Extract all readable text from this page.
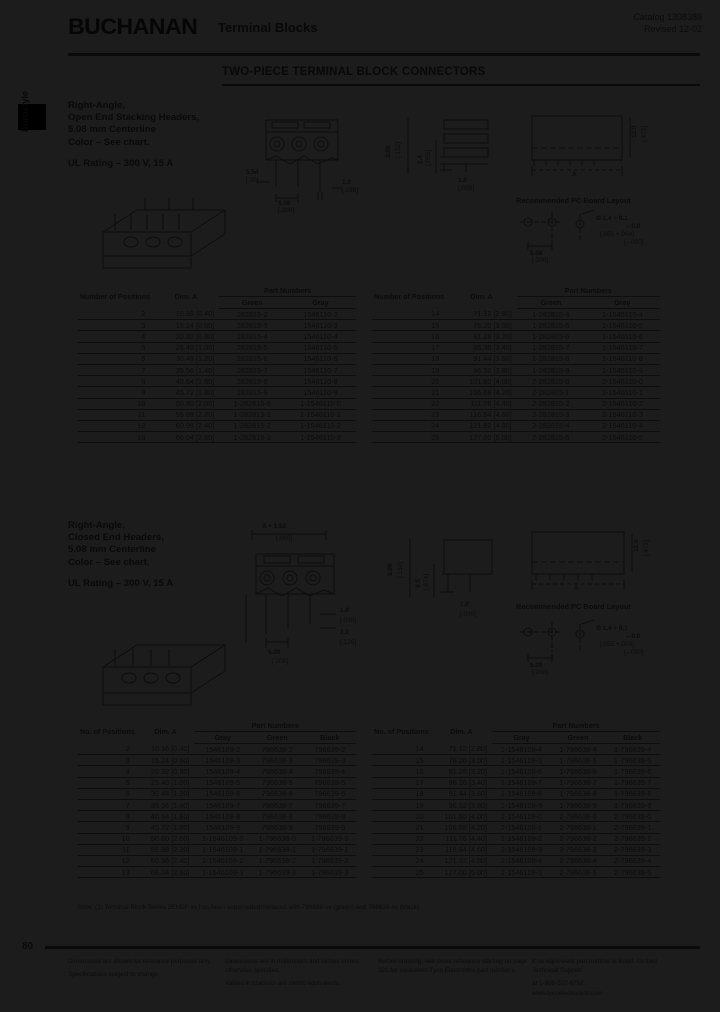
BUCHANAN Terminal Blocks
Catalog 1308389
Revised 12-02
TWO-PIECE TERMINAL BLOCK CONNECTORS
Eurostyle	Right-Angle,
Open End Stacking Headers,
5.08 mm Centerline
Color – See chart.
UL Rating – 300 V, 15 A
5.54
[.00]	1.0
[.039]
5.08
[.200]
3.85 [.152]
1.4 [.055]
1.0
[.039]
12.0 [.472]
A
Recommended PC Board Layout
Ø 1.4 + 0.1
– 0.0
[.055 +.004]
[–.000]
5.08
[.200]
Number of Positions	Dim. A	Part Numbers	
		Green	Gray
2	10.16 [0.40]	282815-2	1546110-2
3	15.24 [0.60]	282815-3	1546110-3
4	20.32 [0.80]	282815-4	1546110-4
5	25.40 [1.00]	282815-5	1546110-5
6	30.48 [1.20]	282815-6	1546110-6
7	35.56 [1.40]	282815-7	1546110-7
8	40.64 [1.60]	282815-8	1546110-8
9	45.72 [1.80]	282815-9	1546110-9
10	50.80 [2.00]	1-282815-0	1-1546110-0
11	55.88 [2.20]	1-282815-1	1-1546110-1
12	60.96 [2.40]	1-282815-2	1-1546110-2
13	66.04 [2.60]	1-282815-3	1-1546110-3
Number of Positions	Dim. A	Part Numbers	
		Green	Gray
14	71.12 [2.80]	1-282815-4	1-1546110-4
15	76.20 [3.00]	1-282815-5	1-1546110-5
16	81.28 [3.20]	1-282815-6	1-1546110-6
17	86.36 [3.40]	1-282815-7	1-1546110-7
18	91.44 [3.60]	1-282815-8	1-1546110-8
19	96.52 [3.80]	1-282815-9	1-1546110-9
20	101.60 [4.00]	2-282815-0	2-1546110-0
21	106.68 [4.20]	2-282815-1	2-1546110-1
22	111.76 [4.40]	2-282815-2	2-1546110-2
23	116.84 [4.60]	2-282815-3	2-1546110-3
24	121.92 [4.80]	2-282815-4	2-1546110-4
25	127.00 [5.00]	2-282815-5	2-1546110-5
Right-Angle,
Closed End Headers,
5.08 mm Centerline
Color – See chart.
UL Rating – 300 V, 15 A
A + 1.52
[.060]
1.0
[.039]
3.2
[.126]
5.08
[.200]
3.85 [.152]
9.5 [.374]
1.0
[.039]
12.0 [.472]
A
Recommended PC Board Layout
Ø 1.4 + 0.1
– 0.0
[.055 +.004]
[–.000]
5.08
[.200]
No. of Positions	Dim. A	Part Numbers		
		Gray	Green	Black
2	10.16 [0.40]	1546109-2	796638-2	796639-2
3	15.24 [0.60]	1546109-3	796638-3	796639-3
4	20.32 [0.80]	1546109-4	796638-4	796639-4
5	25.40 [1.00]	1546109-5	796638-5	796639-5
6	30.48 [1.20]	1546109-6	796638-6	796639-6
7	35.56 [1.40]	1546109-7	796638-7	796639-7
8	40.64 [1.60]	1546109-8	796638-8	796639-8
9	45.72 [1.80]	1546109-9	796638-9	796639-9
10	50.80 [2.00]	1-1546109-0	1-796638-0	1-796639-0
11	55.88 [2.20]	1-1546109-1	1-796638-1	1-796639-1
12	60.96 [2.40]	1-1546109-2	1-796638-2	1-796639-2
13	66.04 [2.60]	1-1546109-3	1-796638-3	1-796639-3
No. of Positions	Dim. A	Part Numbers		
		Gray	Green	Black
14	71.12 [2.80]	1-1546109-4	1-796638-4	1-796639-4
15	76.20 [3.00]	1-1546109-5	1-796638-5	1-796639-5
16	81.28 [3.20]	1-1546109-6	1-796638-6	1-796639-6
17	86.36 [3.40]	1-1546109-7	1-796638-7	1-796639-7
18	91.44 [3.60]	1-1546109-8	1-796638-8	1-796639-8
19	96.52 [3.80]	1-1546109-9	1-796638-9	1-796639-9
20	101.60 [4.00]	2-1546109-0	2-796638-0	2-796639-0
21	106.68 [4.20]	2-1546109-1	2-796638-1	2-796639-1
22	111.76 [4.40]	2-1546109-2	2-796638-2	2-796639-2
23	116.84 [4.60]	2-1546109-3	2-796638-3	2-796639-3
24	121.92 [4.80]	2-1546109-4	2-796638-4	2-796639-4
25	127.00 [5.00]	2-1546109-5	2-796638-5	2-796639-5
Note: (1) Terminal Block Series 2EHDF-xx has been superseded/replaced with 796638-xx (green) and 796639-xx (black).
80

Dimensions are shown for reference purposes only.

Specifications subject to change.

Dimensions are in millimeters and inches unless otherwise specified.

Values in brackets are metric equivalents.

Before ordering, see cross reference starting on page 321 for equivalent Tyco Electronics part numbers.

If no equivalent part number is listed, contact Technical Support

at 1-800-522-6752.

www.tycoelectronics.com
